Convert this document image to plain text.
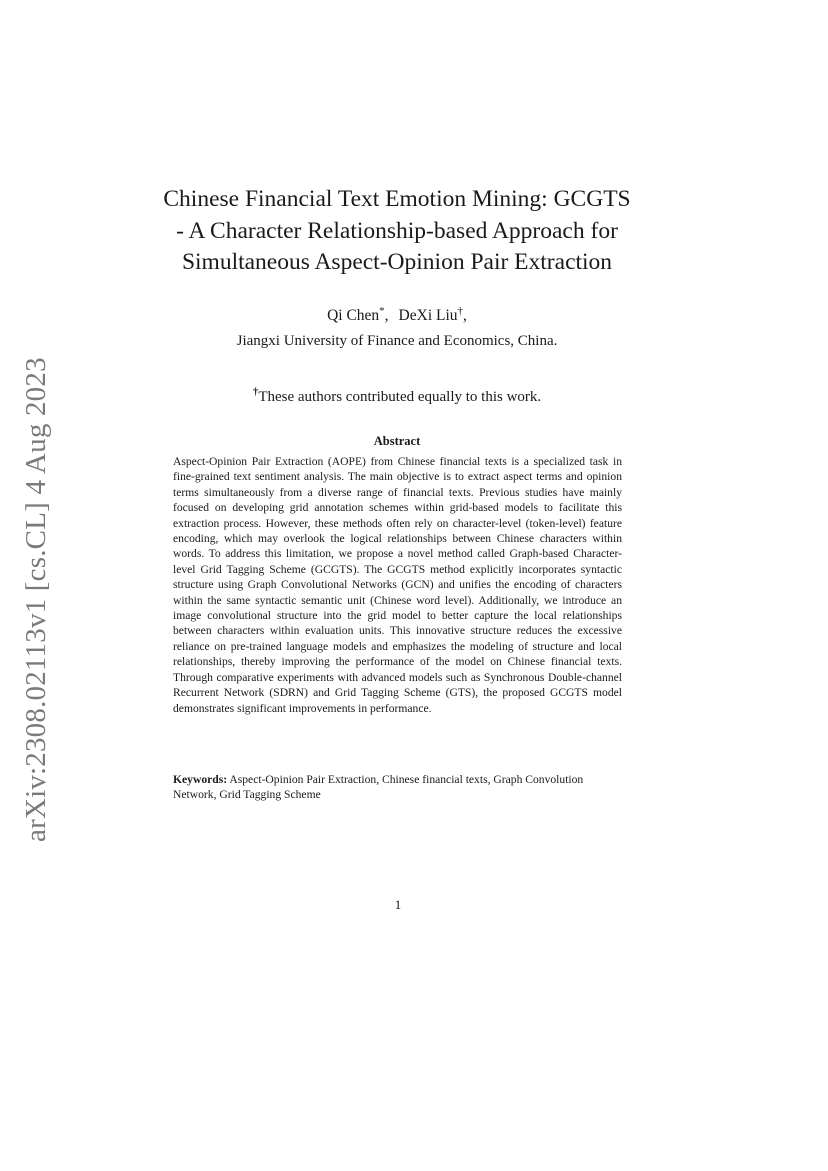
arXiv:2308.02113v1 [cs.CL] 4 Aug 2023
Chinese Financial Text Emotion Mining: GCGTS
- A Character Relationship-based Approach for
Simultaneous Aspect-Opinion Pair Extraction
Qi Chen*, DeXi Liu†,
Jiangxi University of Finance and Economics, China.
†These authors contributed equally to this work.
Abstract

Aspect-Opinion Pair Extraction (AOPE) from Chinese financial texts is a specialized task in fine-grained text sentiment analysis. The main objective is to extract aspect terms and opinion terms simultaneously from a diverse range of financial texts. Previous studies have mainly focused on developing grid annotation schemes within grid-based models to facilitate this extraction process. However, these methods often rely on character-level (token-level) feature encoding, which may overlook the logical relationships between Chinese characters within words. To address this limitation, we propose a novel method called Graph-based Character-level Grid Tagging Scheme (GCGTS). The GCGTS method explicitly incorporates syntactic structure using Graph Convolutional Networks (GCN) and unifies the encoding of characters within the same syntactic semantic unit (Chinese word level). Additionally, we introduce an image convolutional structure into the grid model to better capture the local relationships between characters within evaluation units. This innovative structure reduces the excessive reliance on pre-trained language models and emphasizes the modeling of structure and local relationships, thereby improving the performance of the model on Chinese financial texts. Through comparative experiments with advanced models such as Synchronous Double-channel Recurrent Network (SDRN) and Grid Tagging Scheme (GTS), the proposed GCGTS model demonstrates significant improvements in performance.

Keywords: Aspect-Opinion Pair Extraction, Chinese financial texts, Graph Convolution Network, Grid Tagging Scheme

1
